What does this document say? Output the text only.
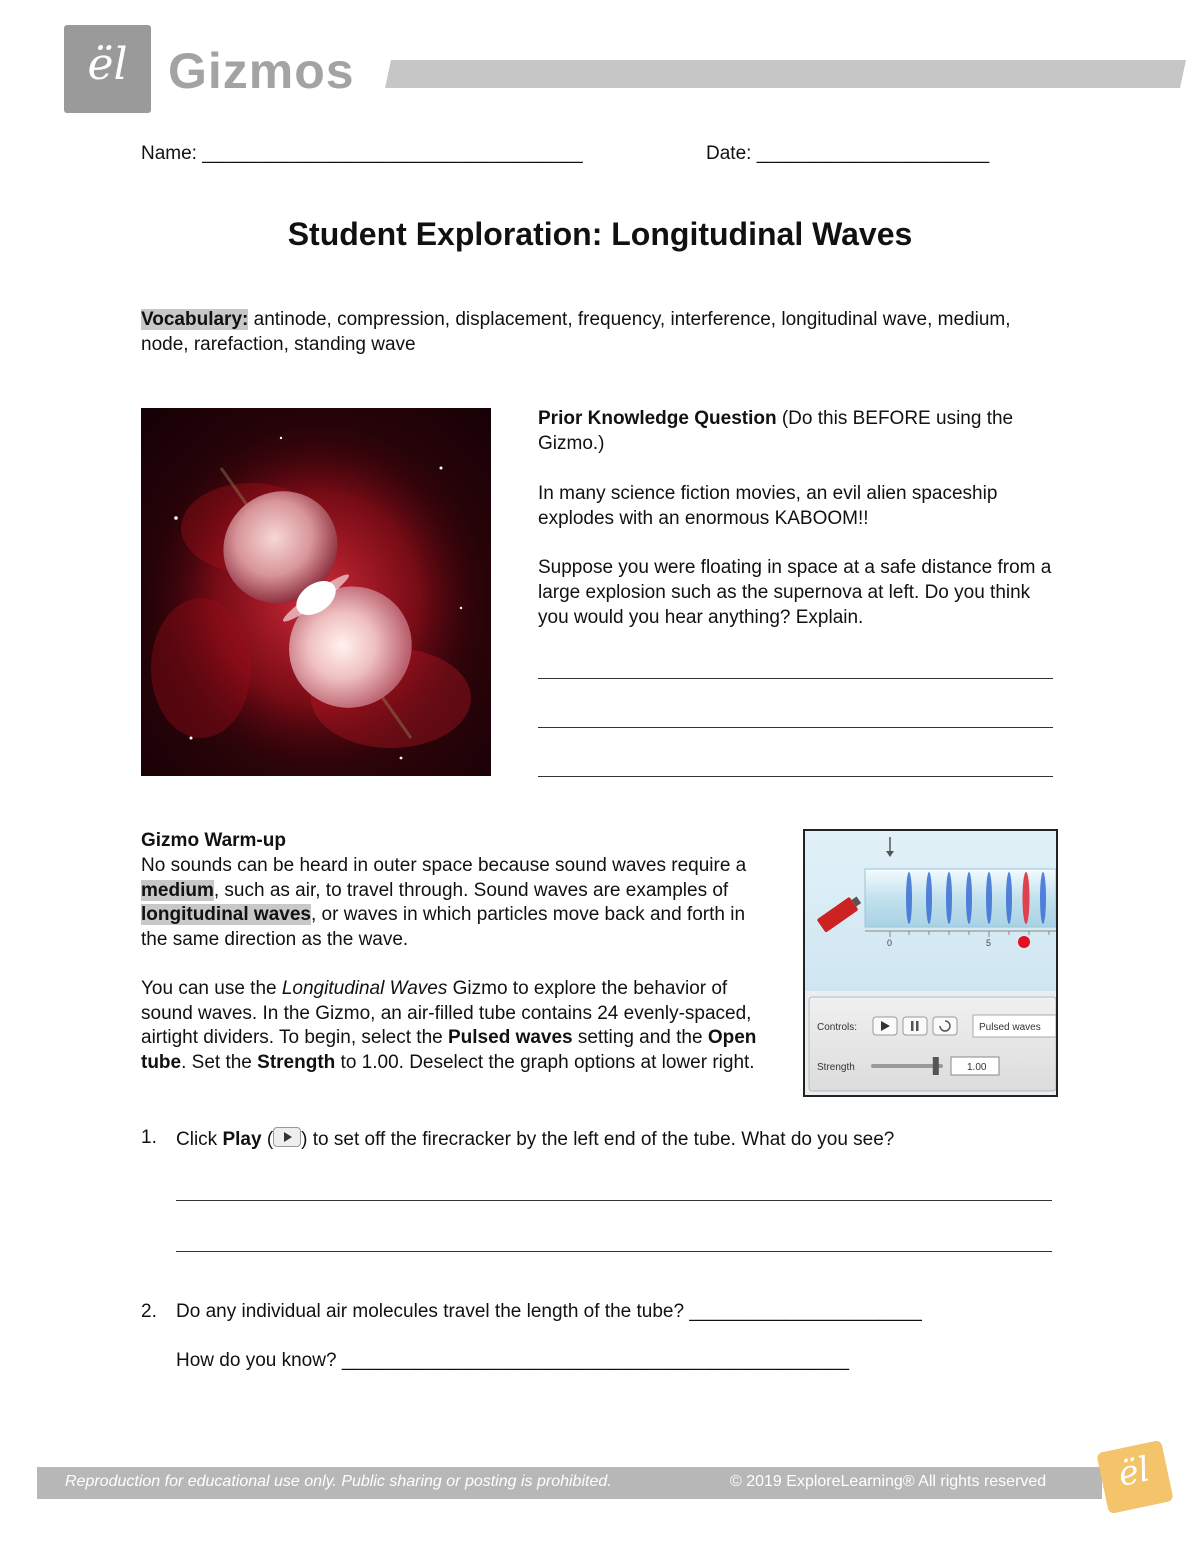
ël Gizmos
Name: ____________________________________	Date: ______________________
Student Exploration: Longitudinal Waves
Vocabulary: antinode, compression, displacement, frequency, interference, longitudinal wave, medium, node, rarefaction, standing wave
Prior Knowledge Question (Do this BEFORE using the Gizmo.)
In many science fiction movies, an evil alien spaceship explodes with an enormous KABOOM!!
Suppose you were floating in space at a safe distance from a large explosion such as the supernova at left. Do you think you would you hear anything? Explain.
Gizmo Warm-up
No sounds can be heard in outer space because sound waves require a medium, such as air, to travel through. Sound waves are examples of longitudinal waves, or waves in which particles move back and forth in the same direction as the wave.
You can use the Longitudinal Waves Gizmo to explore the behavior of sound waves. In the Gizmo, an air-filled tube contains 24 evenly-spaced, airtight dividers. To begin, select the Pulsed waves setting and the Open tube. Set the Strength to 1.00. Deselect the graph options at lower right.
0	5
Controls:	Pulsed waves
Strength	1.00
1. Click Play ( ) to set off the firecracker by the left end of the tube. What do you see?
2. Do any individual air molecules travel the length of the tube? ______________________
How do you know? ________________________________________________
Reproduction for educational use only. Public sharing or posting is prohibited.	© 2019 ExploreLearning® All rights reserved	ël
